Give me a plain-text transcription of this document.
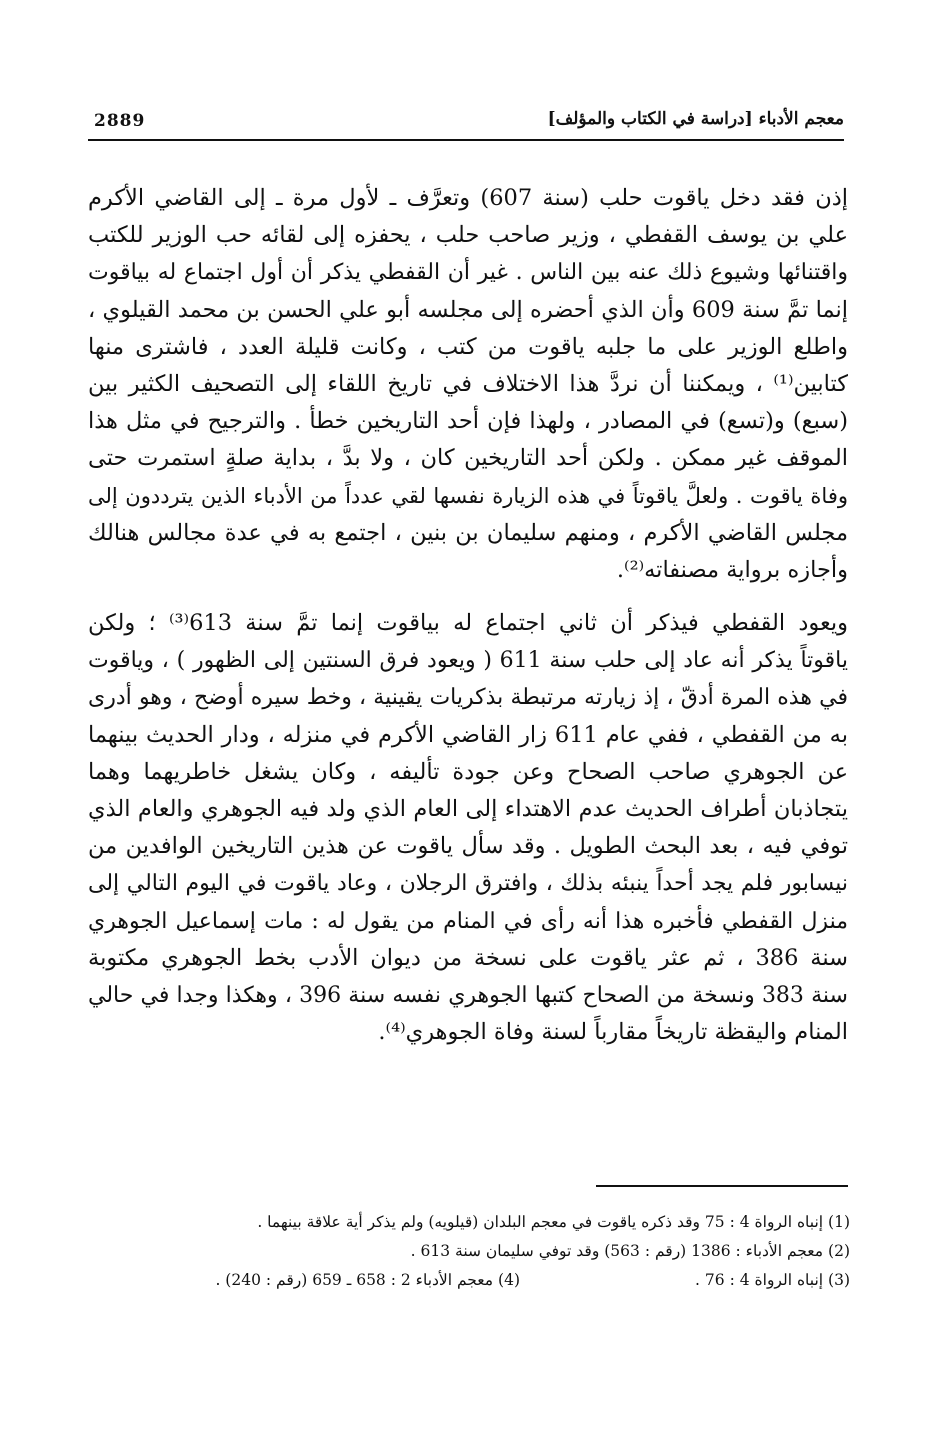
معجم الأدباء [دراسة في الكتاب والمؤلف]
2889
إذن فقد دخل ياقوت حلب (سنة 607) وتعرَّف ـ لأول مرة ـ إلى القاضي الأكرم
علي بن يوسف القفطي ، وزير صاحب حلب ، يحفزه إلى لقائه حب الوزير للكتب
واقتنائها وشيوع ذلك عنه بين الناس . غير أن القفطي يذكر أن أول اجتماع له بياقوت
إنما تمَّ سنة 609 وأن الذي أحضره إلى مجلسه أبو علي الحسن بن محمد القيلوي ،
واطلع الوزير على ما جلبه ياقوت من كتب ، وكانت قليلة العدد ، فاشترى منها
كتابين⁽¹⁾ ، ويمكننا أن نردَّ هذا الاختلاف في تاريخ اللقاء إلى التصحيف الكثير بين
(سبع) و(تسع) في المصادر ، ولهذا فإن أحد التاريخين خطأ . والترجيح في مثل هذا
الموقف غير ممكن . ولكن أحد التاريخين كان ، ولا بدَّ ، بداية صلةٍ استمرت حتى
وفاة ياقوت . ولعلَّ ياقوتاً في هذه الزيارة نفسها لقي عدداً من الأدباء الذين يترددون إلى
مجلس القاضي الأكرم ، ومنهم سليمان بن بنين ، اجتمع به في عدة مجالس هنالك
وأجازه برواية مصنفاته⁽²⁾.
ويعود القفطي فيذكر أن ثاني اجتماع له بياقوت إنما تمَّ سنة 613⁽³⁾ ؛ ولكن
ياقوتاً يذكر أنه عاد إلى حلب سنة 611 ( ويعود فرق السنتين إلى الظهور ) ، وياقوت
في هذه المرة أدقّ ، إذ زيارته مرتبطة بذكريات يقينية ، وخط سيره أوضح ، وهو أدرى
به من القفطي ، ففي عام 611 زار القاضي الأكرم في منزله ، ودار الحديث بينهما
عن الجوهري صاحب الصحاح وعن جودة تأليفه ، وكان يشغل خاطريهما وهما
يتجاذبان أطراف الحديث عدم الاهتداء إلى العام الذي ولد فيه الجوهري والعام الذي
توفي فيه ، بعد البحث الطويل . وقد سأل ياقوت عن هذين التاريخين الوافدين من
نيسابور فلم يجد أحداً ينبئه بذلك ، وافترق الرجلان ، وعاد ياقوت في اليوم التالي إلى
منزل القفطي فأخبره هذا أنه رأى في المنام من يقول له : مات إسماعيل الجوهري
سنة 386 ، ثم عثر ياقوت على نسخة من ديوان الأدب بخط الجوهري مكتوبة
سنة 383 ونسخة من الصحاح كتبها الجوهري نفسه سنة 396 ، وهكذا وجدا في حالي
المنام واليقظة تاريخاً مقارباً لسنة وفاة الجوهري⁽⁴⁾.
(1) إنباه الرواة 4 : 75 وقد ذكره ياقوت في معجم البلدان (قيلويه) ولم يذكر أية علاقة بينهما .
(2) معجم الأدباء : 1386 (رقم : 563) وقد توفي سليمان سنة 613 .
(3) إنباه الرواة 4 : 76 .
(4) معجم الأدباء 2 : 658 ـ 659 (رقم : 240) .
